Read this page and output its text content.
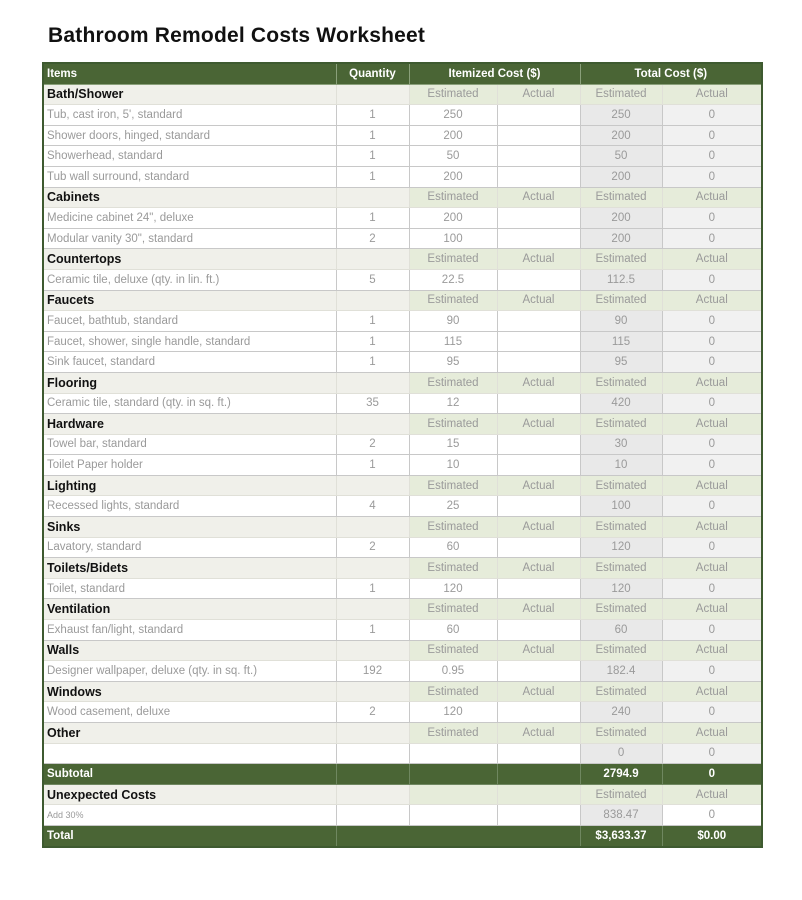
Bathroom Remodel Costs Worksheet
Items	Quantity	Itemized Cost ($)		Total Cost ($)	
Bath/Shower		Estimated	Actual	Estimated	Actual
Tub, cast iron, 5', standard	1	250		250	0
Shower doors, hinged, standard	1	200		200	0
Showerhead, standard	1	50		50	0
Tub wall surround, standard	1	200		200	0
Cabinets		Estimated	Actual	Estimated	Actual
Medicine cabinet 24", deluxe	1	200		200	0
Modular vanity 30", standard	2	100		200	0
Countertops		Estimated	Actual	Estimated	Actual
Ceramic tile, deluxe (qty. in lin. ft.)	5	22.5		112.5	0
Faucets		Estimated	Actual	Estimated	Actual
Faucet, bathtub, standard	1	90		90	0
Faucet, shower, single handle, standard	1	115		115	0
Sink faucet, standard	1	95		95	0
Flooring		Estimated	Actual	Estimated	Actual
Ceramic tile, standard (qty. in sq. ft.)	35	12		420	0
Hardware		Estimated	Actual	Estimated	Actual
Towel bar, standard	2	15		30	0
Toilet Paper holder	1	10		10	0
Lighting		Estimated	Actual	Estimated	Actual
Recessed lights, standard	4	25		100	0
Sinks		Estimated	Actual	Estimated	Actual
Lavatory, standard	2	60		120	0
Toilets/Bidets		Estimated	Actual	Estimated	Actual
Toilet, standard	1	120		120	0
Ventilation		Estimated	Actual	Estimated	Actual
Exhaust fan/light, standard	1	60		60	0
Walls		Estimated	Actual	Estimated	Actual
Designer wallpaper, deluxe (qty. in sq. ft.)	192	0.95		182.4	0
Windows		Estimated	Actual	Estimated	Actual
Wood casement, deluxe	2	120		240	0
Other		Estimated	Actual	Estimated	Actual
				0	0
Subtotal				2794.9	0
Unexpected Costs				Estimated	Actual
Add 30%				838.47	0
Total				$3,633.37	$0.00
